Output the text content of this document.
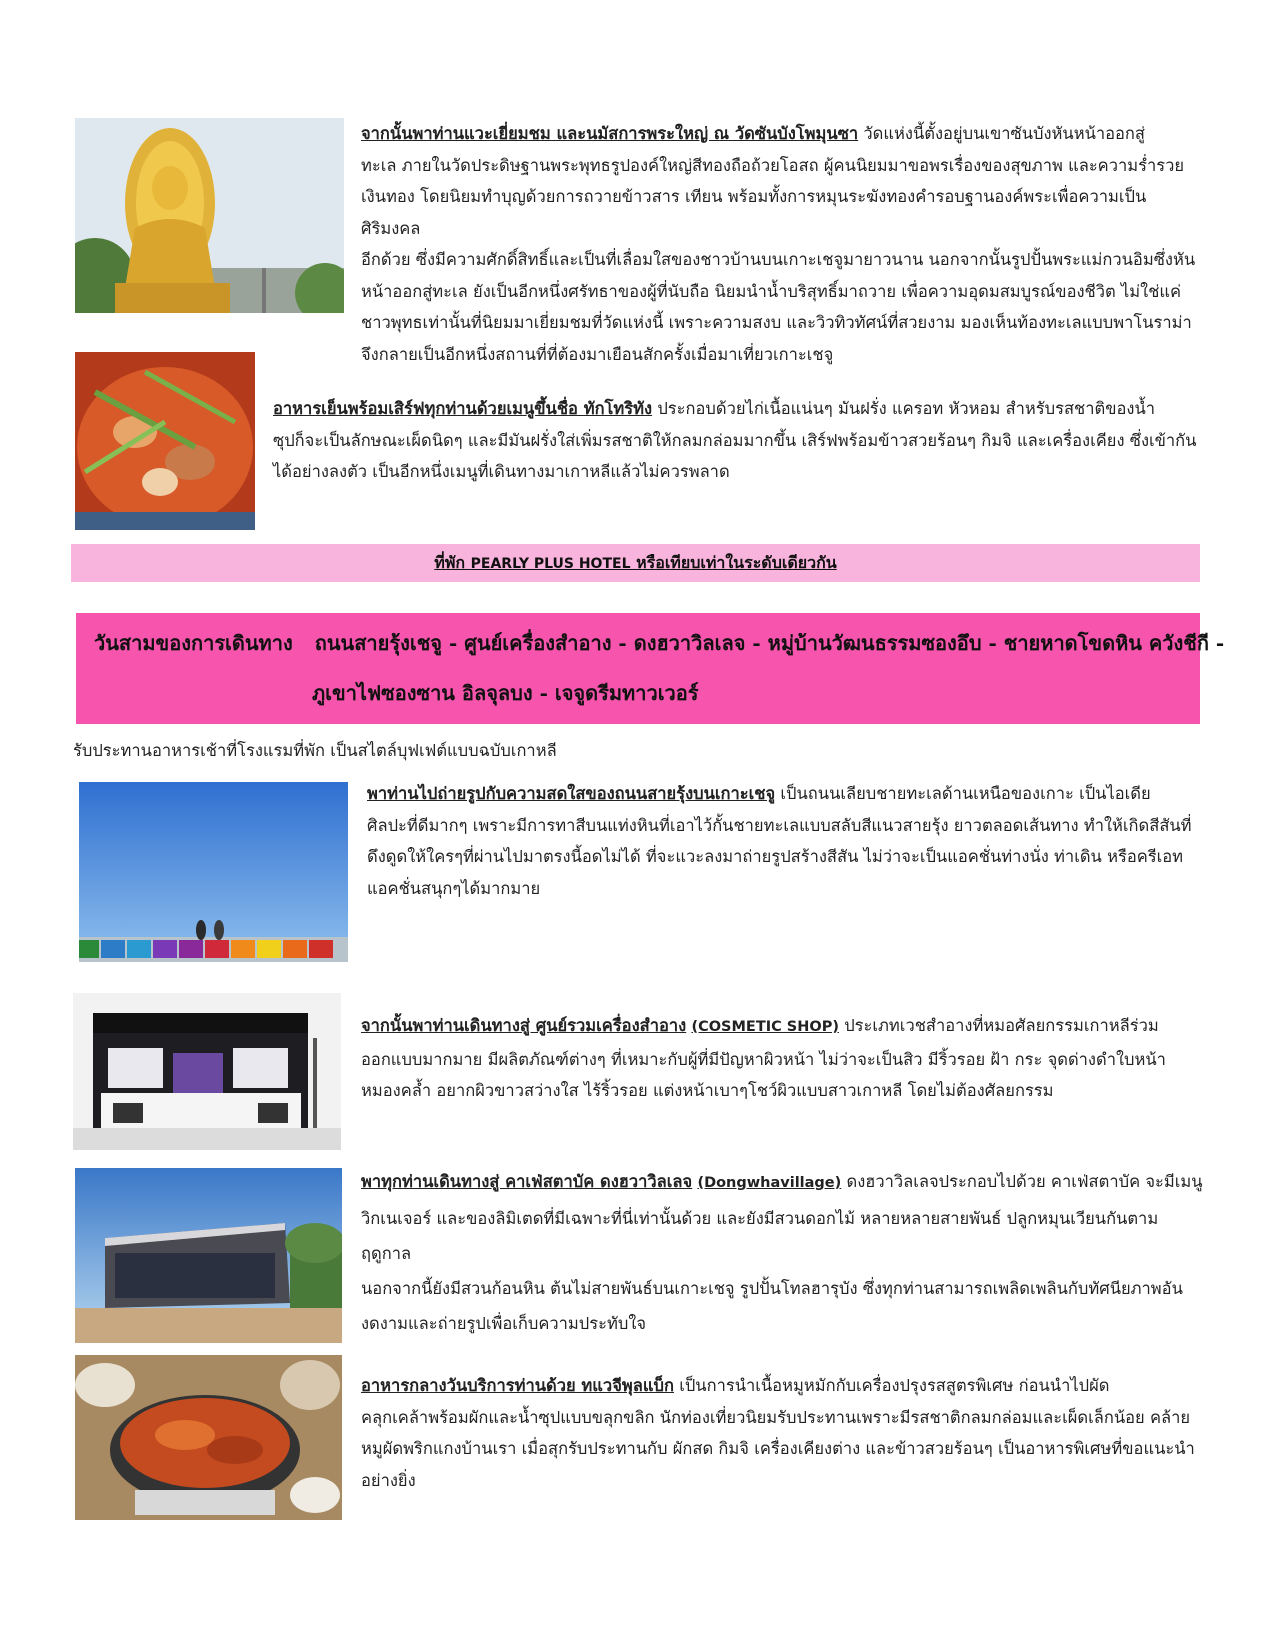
จากนั้นพาท่านแวะเยี่ยมชม และนมัสการพระใหญ่ ณ วัดซันบังโพมุนซา วัดแห่งนี้ตั้งอยู่บนเขาซันบังหันหน้าออกสู่
ทะเล ภายในวัดประดิษฐานพระพุทธรูปองค์ใหญ่สีทองถือถ้วยโอสถ ผู้คนนิยมมาขอพรเรื่องของสุขภาพ และความร่ำรวย
เงินทอง โดยนิยมทำบุญด้วยการถวายข้าวสาร เทียน พร้อมทั้งการหมุนระฆังทองคำรอบฐานองค์พระเพื่อความเป็นศิริมงคล
อีกด้วย ซึ่งมีความศักดิ์สิทธิ์และเป็นที่เลื่อมใสของชาวบ้านบนเกาะเชจูมายาวนาน นอกจากนั้นรูปปั้นพระแม่กวนอิมซึ่งหัน
หน้าออกสู่ทะเล ยังเป็นอีกหนึ่งศรัทธาของผู้ที่นับถือ นิยมนำน้ำบริสุทธิ์มาถวาย เพื่อความอุดมสมบูรณ์ของชีวิต ไม่ใช่แค่
ชาวพุทธเท่านั้นที่นิยมมาเยี่ยมชมที่วัดแห่งนี้ เพราะความสงบ และวิวทิวทัศน์ที่สวยงาม มองเห็นท้องทะเลแบบพาโนราม่า
จึงกลายเป็นอีกหนึ่งสถานที่ที่ต้องมาเยือนสักครั้งเมื่อมาเที่ยวเกาะเชจู
อาหารเย็นพร้อมเสิร์ฟทุกท่านด้วยเมนูขึ้นชื่อ ทักโทริทัง ประกอบด้วยไก่เนื้อแน่นๆ มันฝรั่ง แครอท หัวหอม สำหรับรสชาติของน้ำ
ซุปก็จะเป็นลักษณะเผ็ดนิดๆ และมีมันฝรั่งใส่เพิ่มรสชาติให้กลมกล่อมมากขึ้น เสิร์ฟพร้อมข้าวสวยร้อนๆ กิมจิ และเครื่องเคียง ซึ่งเข้ากัน
ได้อย่างลงตัว เป็นอีกหนึ่งเมนูที่เดินทางมาเกาหลีแล้วไม่ควรพลาด
ที่พัก PEARLY PLUS HOTEL หรือเทียบเท่าในระดับเดียวกัน
วันสามของการเดินทาง ถนนสายรุ้งเชจู - ศูนย์เครื่องสำอาง - ดงฮวาวิลเลจ - หมู่บ้านวัฒนธรรมซองอึบ - ชายหาดโขดหิน ควังชีกี -
ภูเขาไฟซองซาน อิลจุลบง - เจจูดรีมทาวเวอร์
รับประทานอาหารเช้าที่โรงแรมที่พัก เป็นสไตล์บุฟเฟต์แบบฉบับเกาหลี
พาท่านไปถ่ายรูปกับความสดใสของถนนสายรุ้งบนเกาะเชจู เป็นถนนเลียบชายทะเลด้านเหนือของเกาะ เป็นไอเดีย
ศิลปะที่ดีมากๆ เพราะมีการทาสีบนแท่งหินที่เอาไว้กั้นชายทะเลแบบสลับสีแนวสายรุ้ง ยาวตลอดเส้นทาง ทำให้เกิดสีสันที่
ดึงดูดให้ใครๆที่ผ่านไปมาตรงนี้อดไม่ได้ ที่จะแวะลงมาถ่ายรูปสร้างสีสัน ไม่ว่าจะเป็นแอคชั่นท่างนั่ง ท่าเดิน หรือครีเอท
แอคชั่นสนุกๆได้มากมาย
จากนั้นพาท่านเดินทางสู่ ศูนย์รวมเครื่องสำอาง (COSMETIC SHOP) ประเภทเวชสำอางที่หมอศัลยกรรมเกาหลีร่วม
ออกแบบมากมาย มีผลิตภัณฑ์ต่างๆ ที่เหมาะกับผู้ที่มีปัญหาผิวหน้า ไม่ว่าจะเป็นสิว มีริ้วรอย ฝ้า กระ จุดด่างดำใบหน้า
หมองคล้ำ อยากผิวขาวสว่างใส ไร้ริ้วรอย แต่งหน้าเบาๆโชว์ผิวแบบสาวเกาหลี โดยไม่ต้องศัลยกรรม
พาทุกท่านเดินทางสู่ คาเฟ่สตาบัค ดงฮวาวิลเลจ (Dongwhavillage) ดงฮวาวิลเลจประกอบไปด้วย คาเฟ่สตาบัค จะมีเมนู
วิกเนเจอร์ และของลิมิเตดที่มีเฉพาะที่นี่เท่านั้นด้วย และยังมีสวนดอกไม้ หลายหลายสายพันธ์ ปลูกหมุนเวียนกันตามฤดูกาล
นอกจากนี้ยังมีสวนก้อนหิน ต้นไม่สายพันธ์บนเกาะเชจู รูปปั้นโทลฮารุบัง ซึ่งทุกท่านสามารถเพลิดเพลินกับทัศนียภาพอัน
งดงามและถ่ายรูปเพื่อเก็บความประทับใจ
อาหารกลางวันบริการท่านด้วย ทแวจีพุลแบ็ก เป็นการนำเนื้อหมูหมักกับเครื่องปรุงรสสูตรพิเศษ ก่อนนำไปผัด
คลุกเคล้าพร้อมผักและน้ำซุปแบบขลุกขลิก นักท่องเที่ยวนิยมรับประทานเพราะมีรสชาติกลมกล่อมและเผ็ดเล็กน้อย คล้าย
หมูผัดพริกแกงบ้านเรา เมื่อสุกรับประทานกับ ผักสด กิมจิ เครื่องเคียงต่าง และข้าวสวยร้อนๆ เป็นอาหารพิเศษที่ขอแนะนำ
อย่างยิ่ง
